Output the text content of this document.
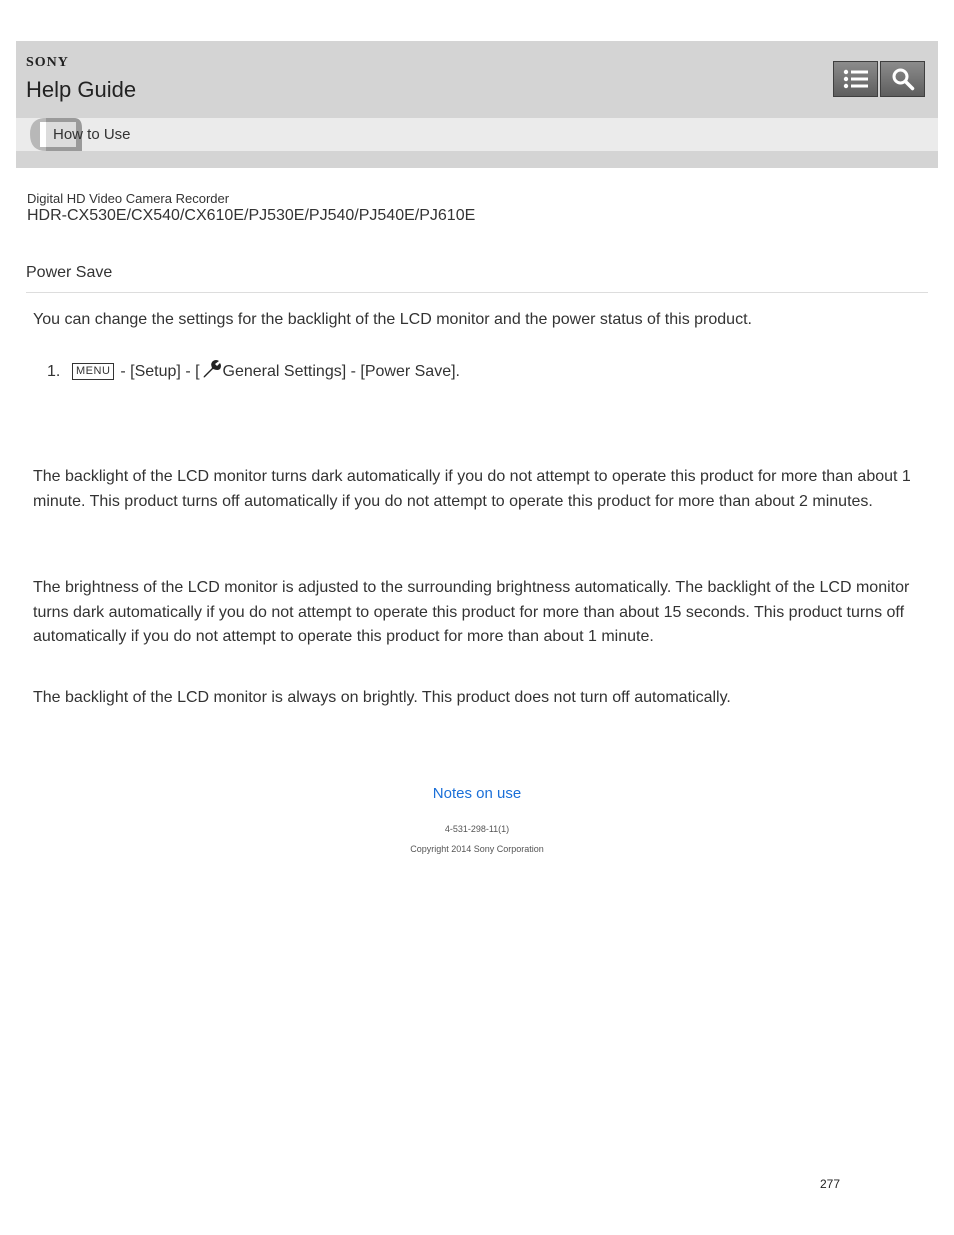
SONY
Help Guide
How to Use
Digital HD Video Camera Recorder
HDR-CX530E/CX540/CX610E/PJ530E/PJ540/PJ540E/PJ610E
Power Save
You can change the settings for the backlight of the LCD monitor and the power status of this product.
1.	MENU - [Setup] - [ General Settings] - [Power Save].
The backlight of the LCD monitor turns dark automatically if you do not attempt to operate this product for more than about 1 minute. This product turns off automatically if you do not attempt to operate this product for more than about 2 minutes.
The brightness of the LCD monitor is adjusted to the surrounding brightness automatically. The backlight of the LCD monitor turns dark automatically if you do not attempt to operate this product for more than about 15 seconds. This product turns off automatically if you do not attempt to operate this product for more than about 1 minute.
The backlight of the LCD monitor is always on brightly. This product does not turn off automatically.
Notes on use
4-531-298-11(1)
Copyright 2014 Sony Corporation
277
